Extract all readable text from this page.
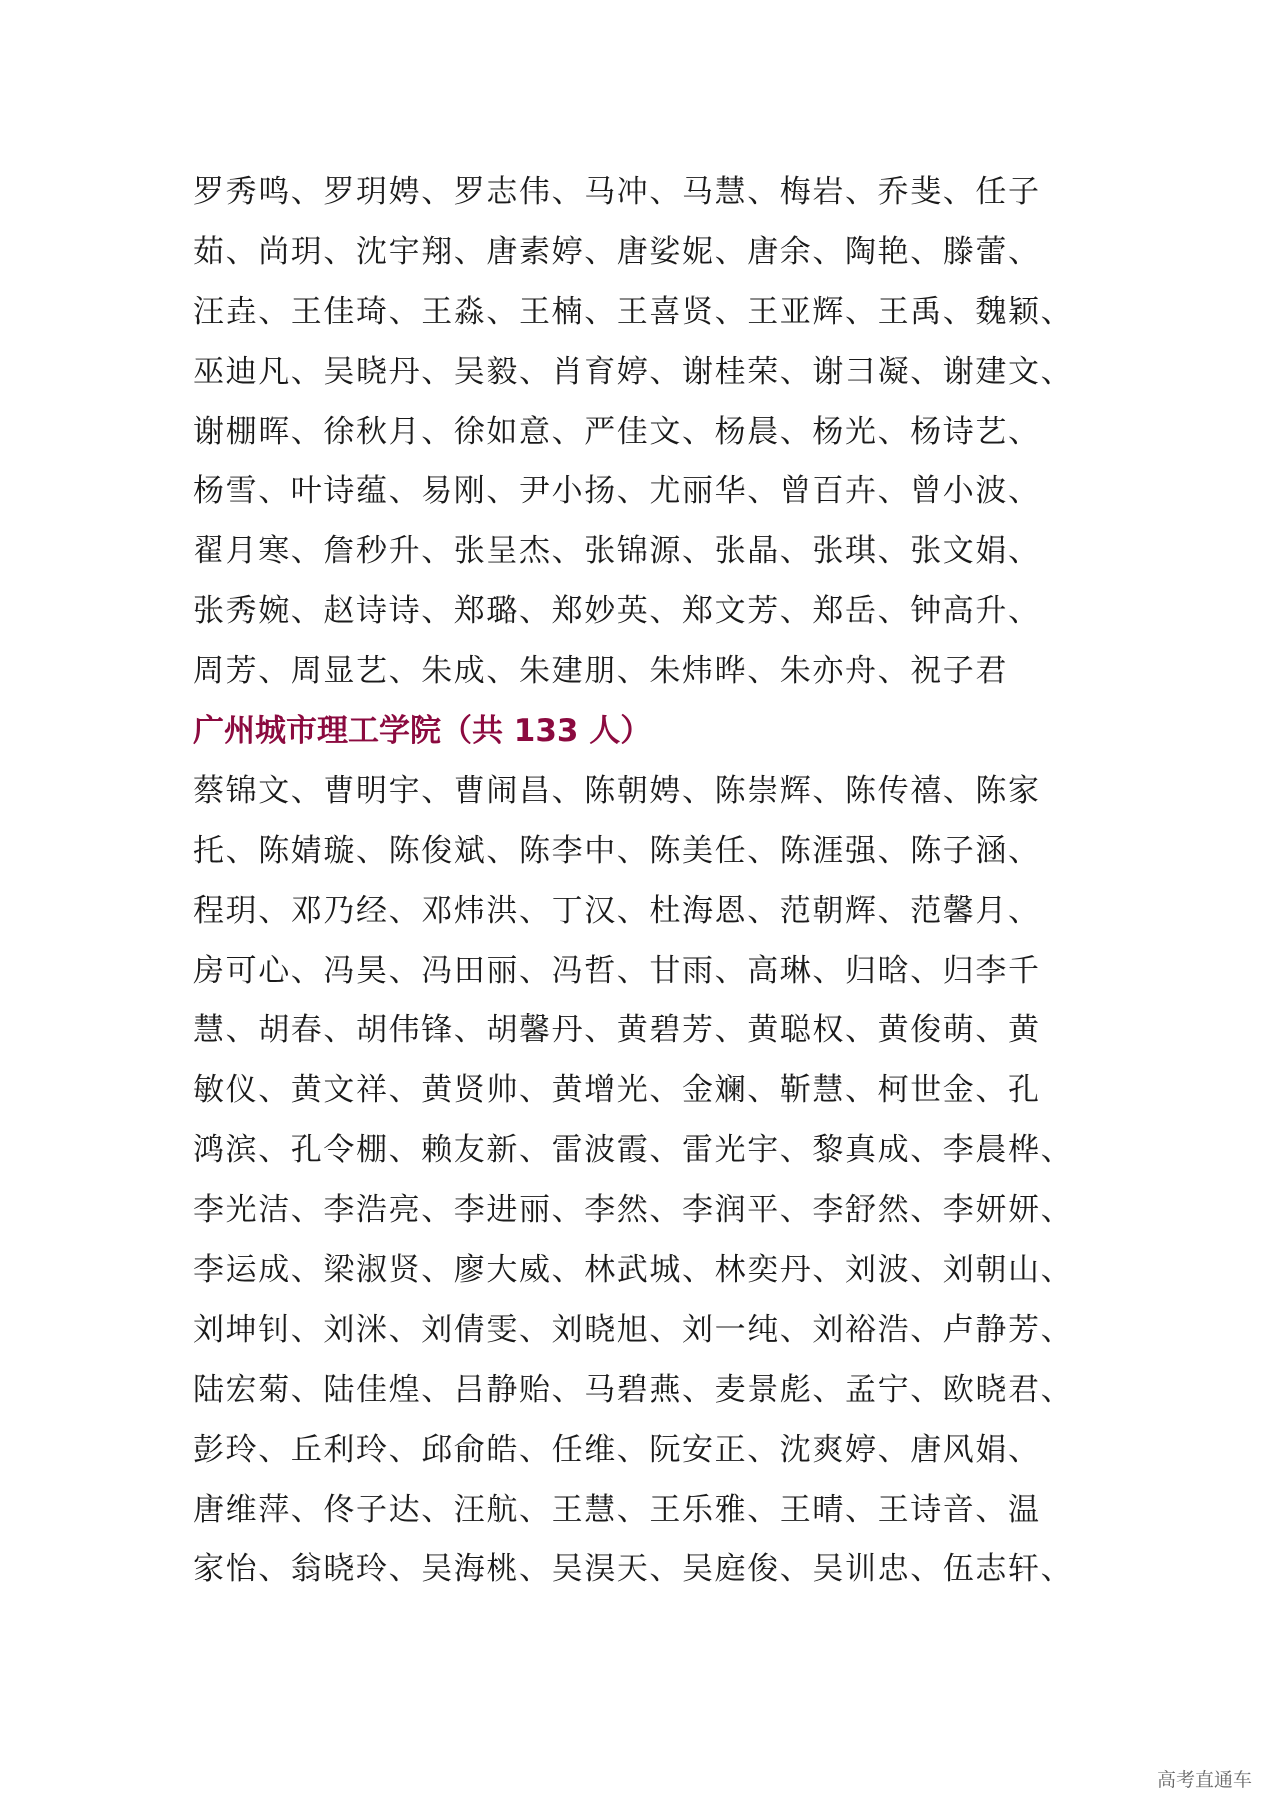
罗秀鸣、罗玥娉、罗志伟、马冲、马慧、梅岩、乔斐、任子
茹、尚玥、沈宇翔、唐素婷、唐娑妮、唐余、陶艳、滕蕾、
汪垚、王佳琦、王淼、王楠、王喜贤、王亚辉、王禹、魏颖、
巫迪凡、吴晓丹、吴毅、肖育婷、谢桂荣、谢彐凝、谢建文、
谢棚晖、徐秋月、徐如意、严佳文、杨晨、杨光、杨诗艺、
杨雪、叶诗蕴、易刚、尹小扬、尤丽华、曾百卉、曾小波、
翟月寒、詹秒升、张呈杰、张锦源、张晶、张琪、张文娟、
张秀婉、赵诗诗、郑璐、郑妙英、郑文芳、郑岳、钟高升、
周芳、周显艺、朱成、朱建朋、朱炜晔、朱亦舟、祝子君
广州城市理工学院（共 133 人）
蔡锦文、曹明宇、曹闹昌、陈朝娉、陈崇辉、陈传禧、陈家
托、陈婧璇、陈俊斌、陈李中、陈美任、陈涯强、陈子涵、
程玥、邓乃经、邓炜洪、丁汉、杜海恩、范朝辉、范馨月、
房可心、冯昊、冯田丽、冯哲、甘雨、高琳、归晗、归李千
慧、胡春、胡伟锋、胡馨丹、黄碧芳、黄聪权、黄俊萌、黄
敏仪、黄文祥、黄贤帅、黄增光、金斓、靳慧、柯世金、孔
鸿滨、孔令棚、赖友新、雷波霞、雷光宇、黎真成、李晨桦、
李光洁、李浩亮、李进丽、李然、李润平、李舒然、李妍妍、
李运成、梁淑贤、廖大威、林武城、林奕丹、刘波、刘朝山、
刘坤钊、刘洣、刘倩雯、刘晓旭、刘一纯、刘裕浩、卢静芳、
陆宏菊、陆佳煌、吕静贻、马碧燕、麦景彪、孟宁、欧晓君、
彭玲、丘利玲、邱俞皓、任维、阮安正、沈爽婷、唐风娟、
唐维萍、佟子达、汪航、王慧、王乐雅、王晴、王诗音、温
家怡、翁晓玲、吴海桃、吴淏天、吴庭俊、吴训忠、伍志轩、
高考直通车
